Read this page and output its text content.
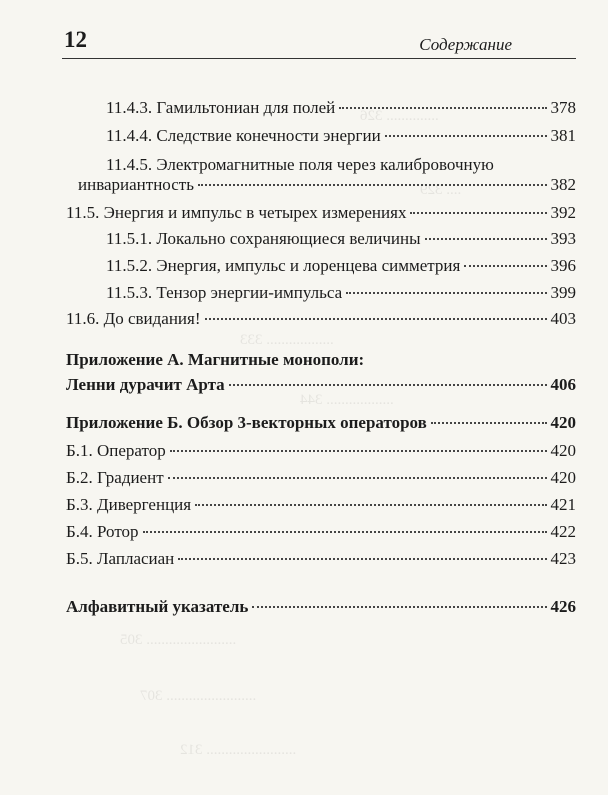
12	Содержание
.............. 326
.... 329
.................. 333
.................. 344
........................ 305
........................ 307
........................ 312
11.4.3. Гамильтониан для полей	378
11.4.4. Следствие конечности энергии	381
11.4.5. Электромагнитные поля через калибровочную
инвариантность	382
11.5. Энергия и импульс в четырех измерениях	392
11.5.1. Локально сохраняющиеся величины	393
11.5.2. Энергия, импульс и лоренцева симметрия	396
11.5.3. Тензор энергии-импульса	399
11.6. До свидания!	403
Приложение А. Магнитные монополи:
Ленни дурачит Арта	406
Приложение Б. Обзор 3-векторных операторов	420
Б.1. Оператор	420
Б.2. Градиент	420
Б.3. Дивергенция	421
Б.4. Ротор	422
Б.5. Лапласиан	423
Алфавитный указатель	426
